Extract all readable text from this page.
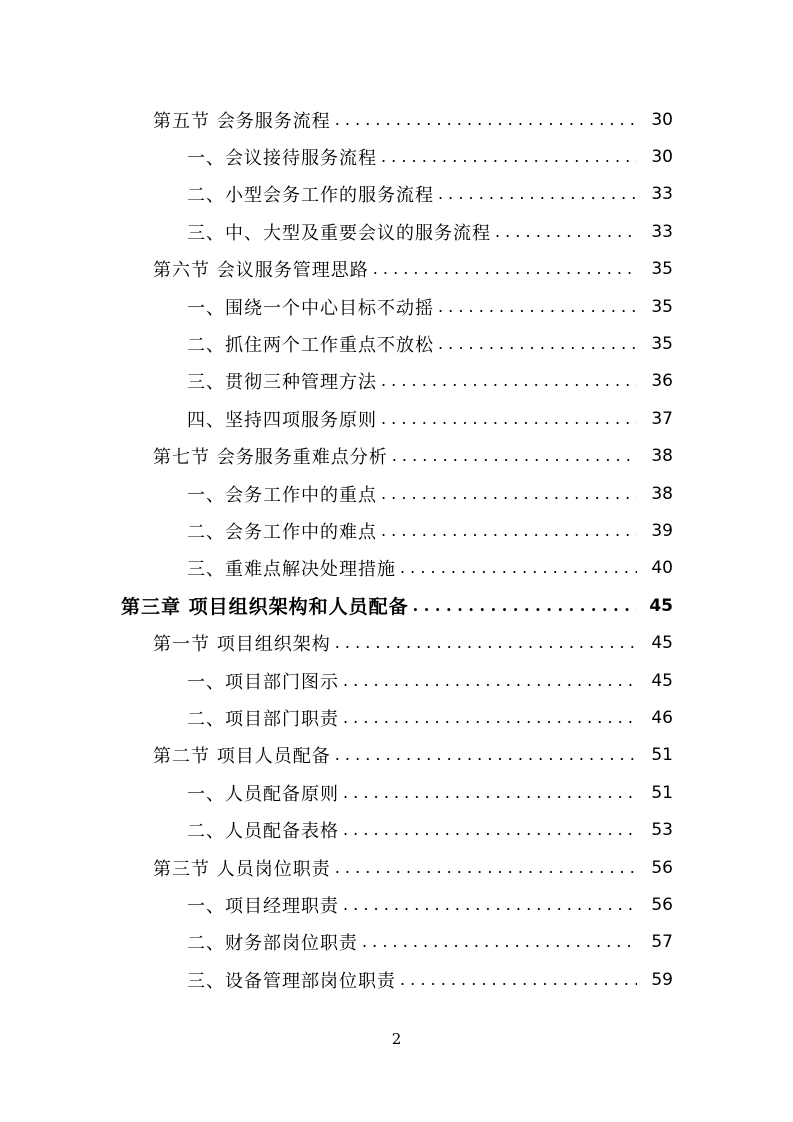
第五节 会务服务流程 . . .	30
一、会议接待服务流程 . . .	30
二、小型会务工作的服务流程 . . .	33
三、中、大型及重要会议的服务流程 . . .	33
第六节 会议服务管理思路 . . .	35
一、围绕一个中心目标不动摇 . . .	35
二、抓住两个工作重点不放松 . . .	35
三、贯彻三种管理方法 . . .	36
四、坚持四项服务原则 . . .	37
第七节 会务服务重难点分析 . . .	38
一、会务工作中的重点 . . .	38
二、会务工作中的难点 . . .	39
三、重难点解决处理措施 . . .	40
第三章 项目组织架构和人员配备 . . .	45
第一节 项目组织架构 . . .	45
一、项目部门图示 . . .	45
二、项目部门职责 . . .	46
第二节 项目人员配备 . . .	51
一、人员配备原则 . . .	51
二、人员配备表格 . . .	53
第三节 人员岗位职责 . . .	56
一、项目经理职责 . . .	56
二、财务部岗位职责 . . .	57
三、设备管理部岗位职责 . . .	59
2
